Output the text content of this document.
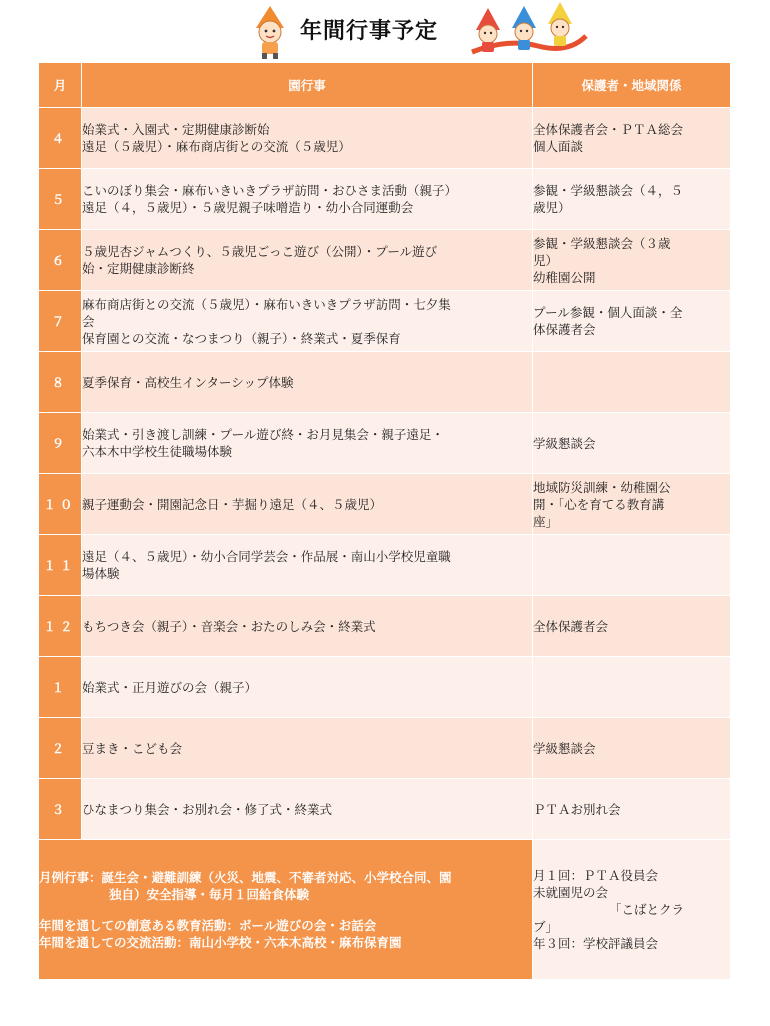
年間行事予定
月	園行事	保護者・地域関係
４	始業式・入園式・定期健康診断始
遠足（５歳児）・麻布商店街との交流（５歳児）	全体保護者会・ＰＴＡ総会
個人面談

５	こいのぼり集会・麻布いきいきプラザ訪問・おひさま活動（親子）
遠足（４，５歳児）・５歳児親子味噌造り・幼小合同運動会	参観・学級懇談会（４，５
歳児）

６	５歳児杏ジャムつくり、５歳児ごっこ遊び（公開）・プール遊び
始・定期健康診断終	参観・学級懇談会（３歳
児）
幼稚園公開

７	麻布商店街との交流（５歳児）・麻布いきいきプラザ訪問・七夕集
会
保育園との交流・なつまつり（親子）・終業式・夏季保育	プール参観・個人面談・全
体保護者会

８	夏季保育・高校生インターシップ体験	

９	始業式・引き渡し訓練・プール遊び終・お月見集会・親子遠足・
六本木中学校生徒職場体験	学級懇談会

１０	親子運動会・開園記念日・芋掘り遠足（４、５歳児）	地域防災訓練・幼稚園公
開・「心を育てる教育講
座」

１１	遠足（４、５歳児）・幼小合同学芸会・作品展・南山小学校児童職
場体験	

１２	もちつき会（親子）・音楽会・おたのしみ会・終業式	全体保護者会

１	始業式・正月遊びの会（親子）	

２	豆まき・こども会	学級懇談会

３	ひなまつり集会・お別れ会・修了式・終業式	ＰＴＡお別れ会

月例行事：誕生会・避難訓練（火災、地震、不審者対応、小学校合同、園
独自）安全指導・毎月１回給食体験
年間を通しての創意ある教育活動：ボール遊びの会・お話会
年間を通しての交流活動：南山小学校・六本木高校・麻布保育園		月１回：ＰＴＡ役員会
未就園児の会
「こばとクラ
ブ」
年３回：学校評議員会
